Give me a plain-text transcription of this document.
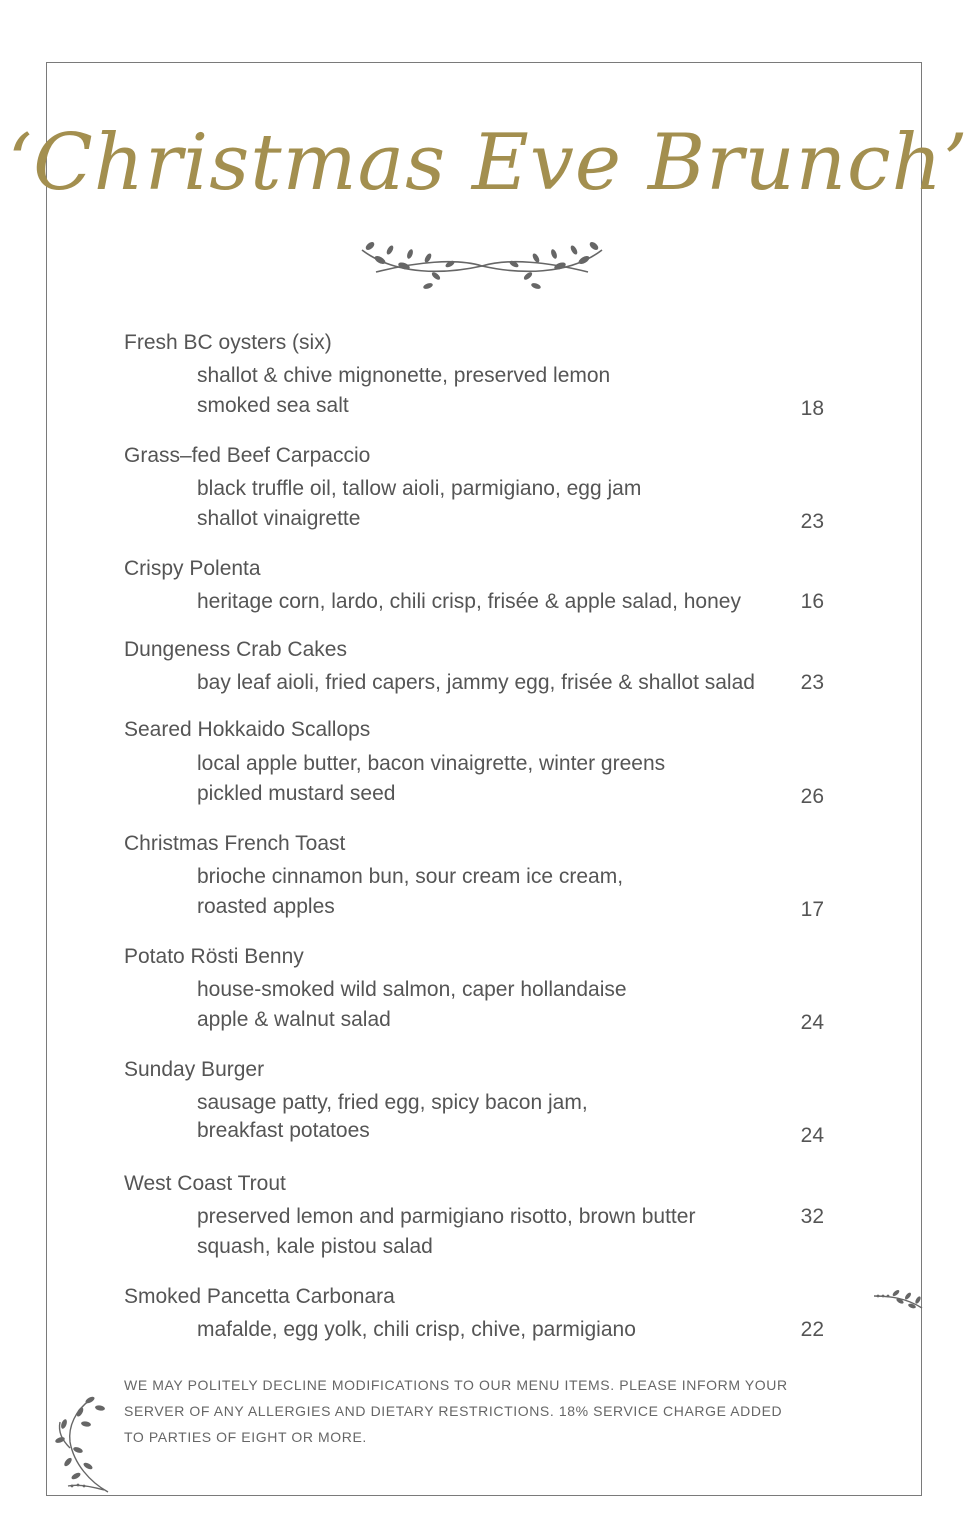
‘Christmas Eve Brunch’
Fresh BC oysters (six)
shallot & chive mignonette, preserved lemon
smoked sea salt	18
Grass–fed Beef Carpaccio
black truffle oil, tallow aioli, parmigiano, egg jam
shallot vinaigrette	23
Crispy Polenta
heritage corn, lardo, chili crisp, frisée & apple salad, honey	16
Dungeness Crab Cakes
bay leaf aioli, fried capers, jammy egg, frisée & shallot salad 23
Seared Hokkaido Scallops
local apple butter, bacon vinaigrette, winter greens
pickled mustard seed	26
Christmas French Toast
brioche cinnamon bun, sour cream ice cream,
roasted apples	17
Potato Rösti Benny
house-smoked wild salmon, caper hollandaise
apple & walnut salad	24
Sunday Burger
sausage patty, fried egg, spicy bacon jam,
breakfast potatoes	24
West Coast Trout
preserved lemon and parmigiano risotto, brown butter
squash, kale pistou salad
32
Smoked Pancetta Carbonara
mafalde, egg yolk, chili crisp, chive, parmigiano	22
WE MAY POLITELY DECLINE MODIFICATIONS TO OUR MENU ITEMS. PLEASE INFORM YOUR
SERVER OF ANY ALLERGIES AND DIETARY RESTRICTIONS. 18% SERVICE CHARGE ADDED
TO PARTIES OF EIGHT OR MORE.
